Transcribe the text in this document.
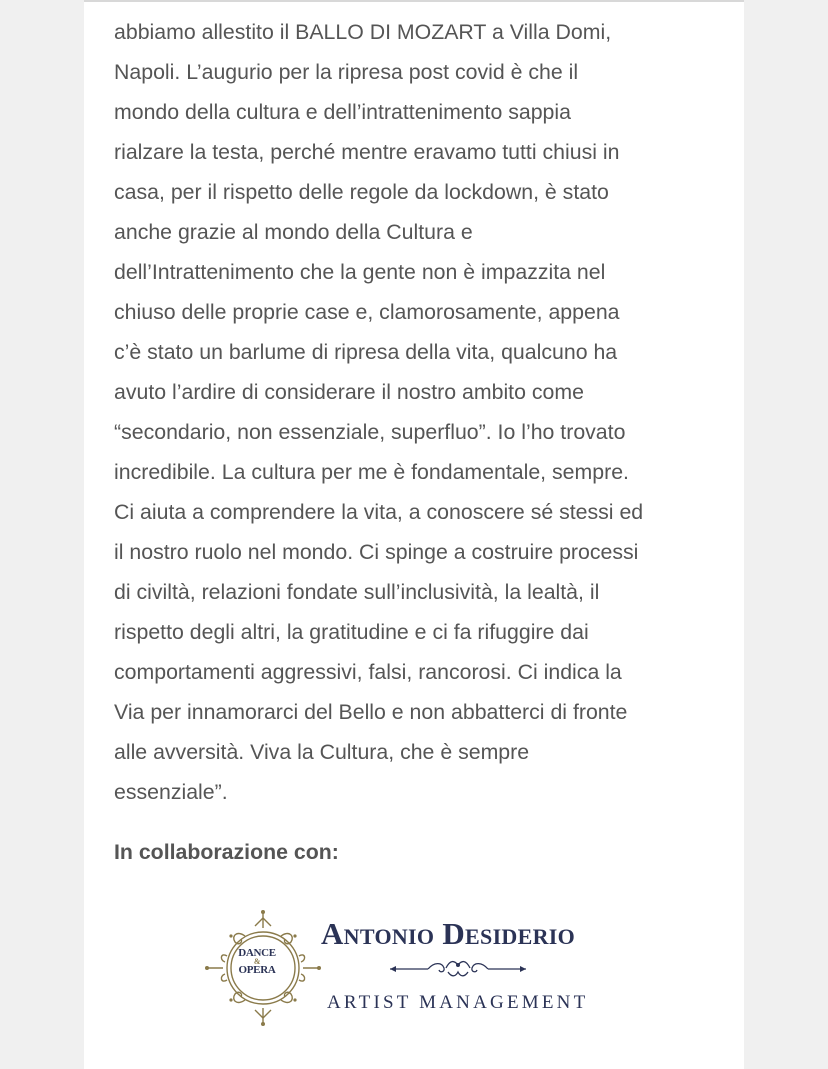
abbiamo allestito il BALLO DI MOZART a Villa Domi,
Napoli. L’augurio per la ripresa post covid è che il
mondo della cultura e dell’intrattenimento sappia
rialzare la testa, perché mentre eravamo tutti chiusi in
casa, per il rispetto delle regole da lockdown, è stato
anche grazie al mondo della Cultura e
dell’Intrattenimento che la gente non è impazzita nel
chiuso delle proprie case e, clamorosamente, appena
c’è stato un barlume di ripresa della vita, qualcuno ha
avuto l’ardire di considerare il nostro ambito come
“secondario, non essenziale, superfluo”. Io l’ho trovato
incredibile. La cultura per me è fondamentale, sempre.
Ci aiuta a comprendere la vita, a conoscere sé stessi ed
il nostro ruolo nel mondo. Ci spinge a costruire processi
di civiltà, relazioni fondate sull’inclusività, la lealtà, il
rispetto degli altri, la gratitudine e ci fa rifuggire dai
comportamenti aggressivi, falsi, rancorosi. Ci indica la
Via per innamorarci del Bello e non abbatterci di fronte
alle avversità. Viva la Cultura, che è sempre
essenziale”.
In collaborazione con:
DANCE
&
OPERA
Antonio Desiderio
ARTIST MANAGEMENT
